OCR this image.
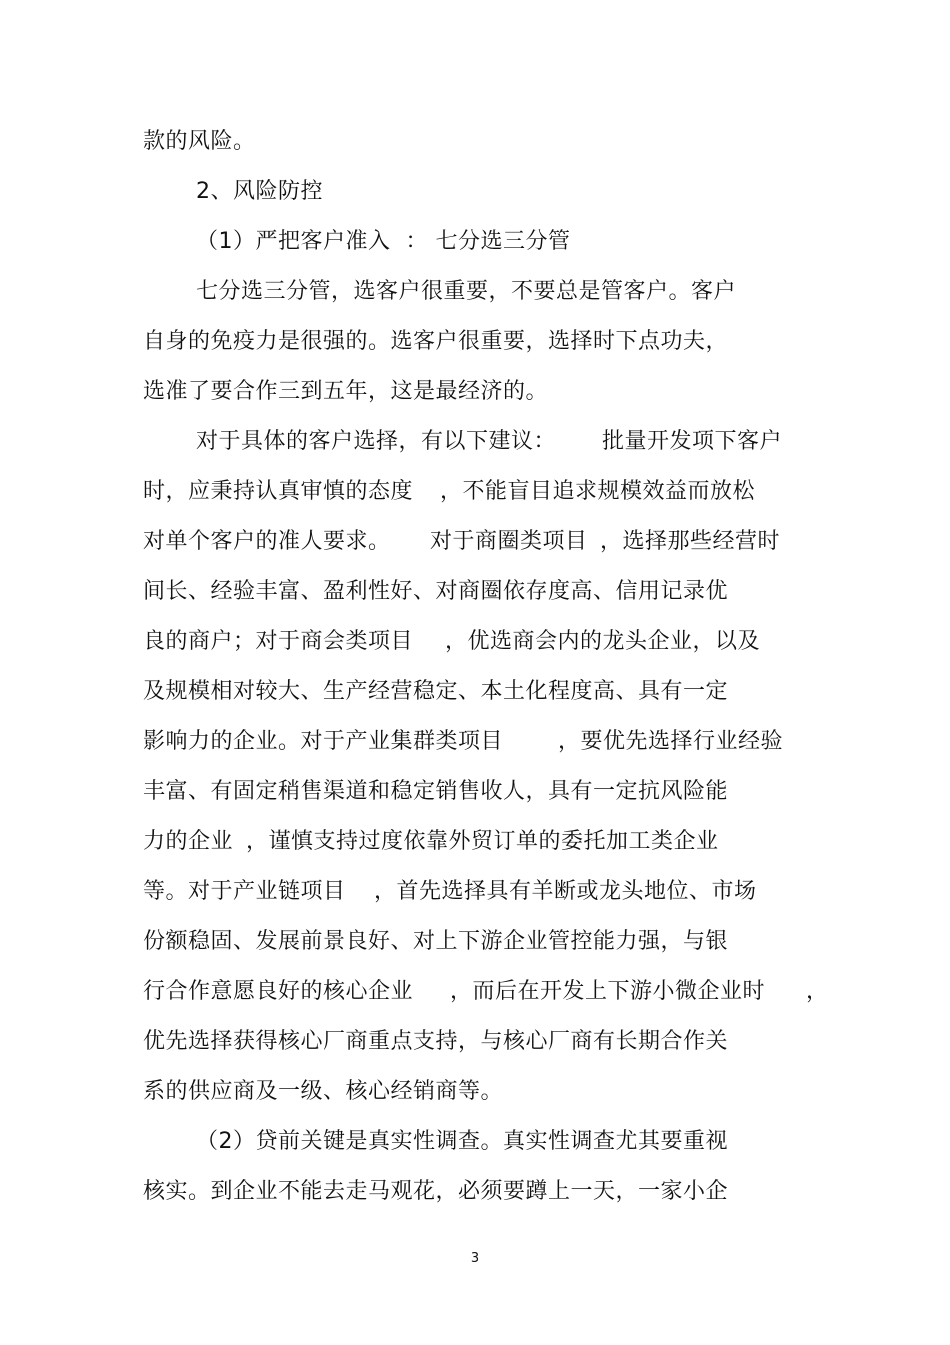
款的风险。
2、风险防控
（1）严把客户准入  ： 七分选三分管
七分选三分管，选客户很重要，不要总是管客户。客户
自身的免疫力是很强的。选客户很重要，选择时下点功夫，
选准了要合作三到五年，这是最经济的。
对于具体的客户选择，有以下建议： 批量开发项下客户
时，应秉持认真审慎的态度 ，不能盲目追求规模效益而放松
对单个客户的准人要求。 对于商圈类项目 ，选择那些经营时
间长、经验丰富、盈利性好、对商圈依存度高、信用记录优
良的商户；对于商会类项目 ，优选商会内的龙头企业，以及
及规模相对较大、生产经营稳定、本土化程度高、具有一定
影响力的企业。对于产业集群类项目 ，要优先选择行业经验
丰富、有固定稍售渠道和稳定销售收人，具有一定抗风险能
力的企业 ，谨慎支持过度依靠外贸订单的委托加工类企业
等。对于产业链项目 ，首先选择具有羊断或龙头地位、市场
份额稳固、发展前景良好、对上下游企业管控能力强，与银
行合作意愿良好的核心企业 ，而后在开发上下游小微企业时 ，
优先选择获得核心厂商重点支持，与核心厂商有长期合作关
系的供应商及一级、核心经销商等。
（2）贷前关键是真实性调查。真实性调查尤其要重视
核实。到企业不能去走马观花，必须要蹲上一天，一家小企
3
